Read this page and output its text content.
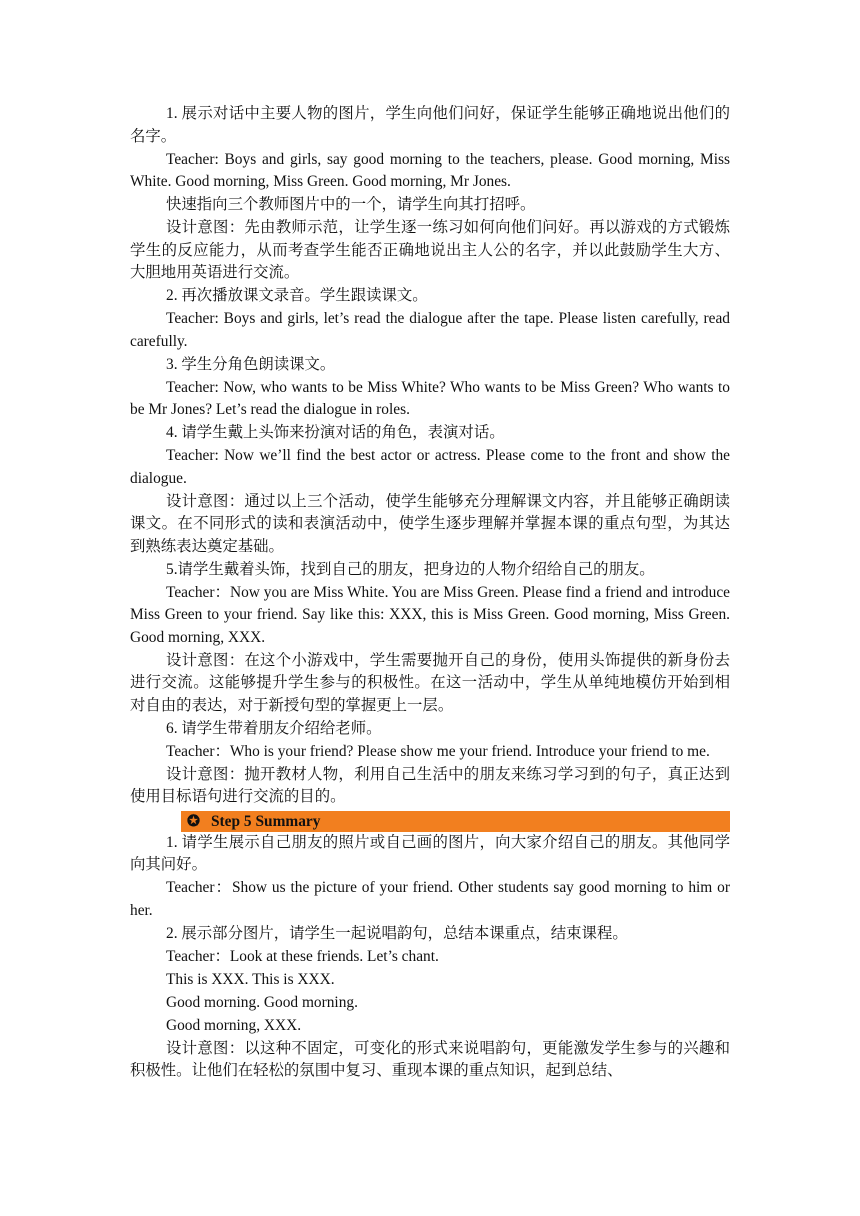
1. 展示对话中主要人物的图片，学生向他们问好，保证学生能够正确地说出他们的名字。

Teacher: Boys and girls, say good morning to the teachers, please. Good morning, Miss White. Good morning, Miss Green. Good morning, Mr Jones.

快速指向三个教师图片中的一个，请学生向其打招呼。

设计意图：先由教师示范，让学生逐一练习如何向他们问好。再以游戏的方式锻炼学生的反应能力，从而考查学生能否正确地说出主人公的名字，并以此鼓励学生大方、大胆地用英语进行交流。

2. 再次播放课文录音。学生跟读课文。

Teacher: Boys and girls, let’s read the dialogue after the tape. Please listen carefully, read carefully.

3. 学生分角色朗读课文。

Teacher: Now, who wants to be Miss White? Who wants to be Miss Green? Who wants to be Mr Jones? Let’s read the dialogue in roles.

4. 请学生戴上头饰来扮演对话的角色，表演对话。

Teacher: Now we’ll find the best actor or actress. Please come to the front and show the dialogue.

设计意图：通过以上三个活动，使学生能够充分理解课文内容，并且能够正确朗读课文。在不同形式的读和表演活动中，使学生逐步理解并掌握本课的重点句型，为其达到熟练表达奠定基础。

5.请学生戴着头饰，找到自己的朋友，把身边的人物介绍给自己的朋友。

Teacher：Now you are Miss White. You are Miss Green. Please find a friend and introduce Miss Green to your friend. Say like this: XXX, this is Miss Green. Good morning, Miss Green. Good morning, XXX.

设计意图：在这个小游戏中，学生需要抛开自己的身份，使用头饰提供的新身份去进行交流。这能够提升学生参与的积极性。在这一活动中，学生从单纯地模仿开始到相对自由的表达，对于新授句型的掌握更上一层。

6. 请学生带着朋友介绍给老师。

Teacher：Who is your friend? Please show me your friend. Introduce your friend to me.

设计意图：抛开教材人物，利用自己生活中的朋友来练习学习到的句子，真正达到使用目标语句进行交流的目的。

✪ Step 5 Summary

1. 请学生展示自己朋友的照片或自己画的图片，向大家介绍自己的朋友。其他同学向其问好。

Teacher：Show us the picture of your friend. Other students say good morning to him or her.

2. 展示部分图片，请学生一起说唱韵句，总结本课重点，结束课程。

Teacher：Look at these friends. Let’s chant.

This is XXX. This is XXX.

Good morning. Good morning.

Good morning, XXX.

设计意图：以这种不固定，可变化的形式来说唱韵句，更能激发学生参与的兴趣和积极性。让他们在轻松的氛围中复习、重现本课的重点知识，起到总结、
